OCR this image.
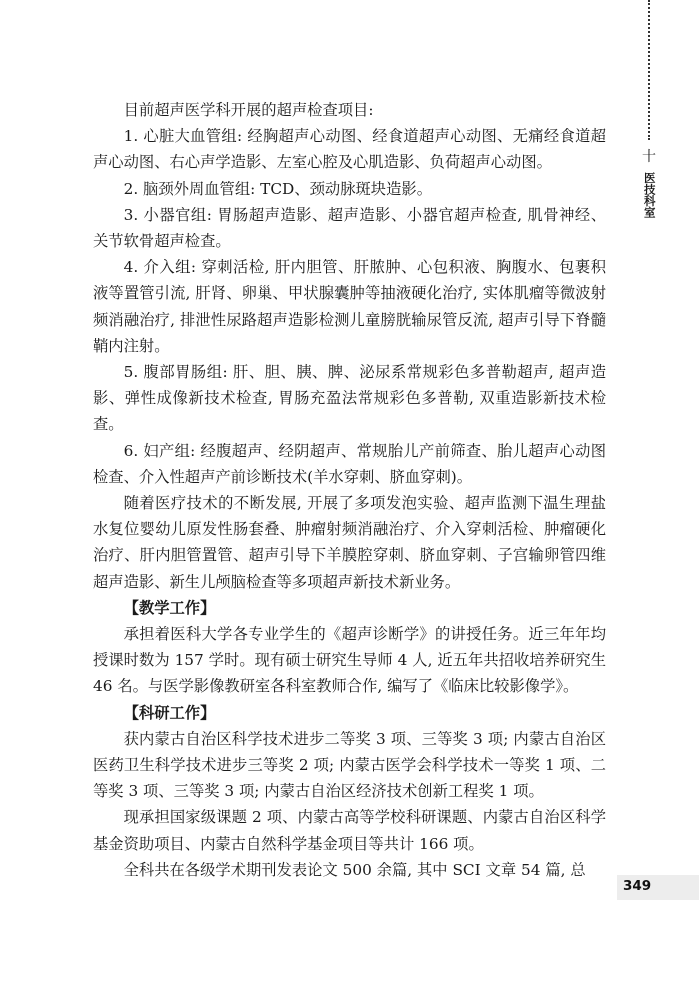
十
医技科室

目前超声医学科开展的超声检查项目:

1. 心脏大血管组: 经胸超声心动图、经食道超声心动图、无痛经食道超声心动图、右心声学造影、左室心腔及心肌造影、负荷超声心动图。

2. 脑颈外周血管组: TCD、颈动脉斑块造影。

3. 小器官组: 胃肠超声造影、超声造影、小器官超声检查, 肌骨神经、关节软骨超声检查。

4. 介入组: 穿刺活检, 肝内胆管、肝脓肿、心包积液、胸腹水、包裹积液等置管引流, 肝肾、卵巢、甲状腺囊肿等抽液硬化治疗, 实体肌瘤等微波射频消融治疗, 排泄性尿路超声造影检测儿童膀胱输尿管反流, 超声引导下脊髓鞘内注射。

5. 腹部胃肠组: 肝、胆、胰、脾、泌尿系常规彩色多普勒超声, 超声造影、弹性成像新技术检查, 胃肠充盈法常规彩色多普勒, 双重造影新技术检查。

6. 妇产组: 经腹超声、经阴超声、常规胎儿产前筛查、胎儿超声心动图检查、介入性超声产前诊断技术(羊水穿刺、脐血穿刺)。

随着医疗技术的不断发展, 开展了多项发泡实验、超声监测下温生理盐水复位婴幼儿原发性肠套叠、肿瘤射频消融治疗、介入穿刺活检、肿瘤硬化治疗、肝内胆管置管、超声引导下羊膜腔穿刺、脐血穿刺、子宫输卵管四维超声造影、新生儿颅脑检查等多项超声新技术新业务。

【教学工作】

承担着医科大学各专业学生的《超声诊断学》的讲授任务。近三年年均授课时数为 157 学时。现有硕士研究生导师 4 人, 近五年共招收培养研究生 46 名。与医学影像教研室各科室教师合作, 编写了《临床比较影像学》。

【科研工作】

获内蒙古自治区科学技术进步二等奖 3 项、三等奖 3 项; 内蒙古自治区医药卫生科学技术进步三等奖 2 项; 内蒙古医学会科学技术一等奖 1 项、二等奖 3 项、三等奖 3 项; 内蒙古自治区经济技术创新工程奖 1 项。

现承担国家级课题 2 项、内蒙古高等学校科研课题、内蒙古自治区科学基金资助项目、内蒙古自然科学基金项目等共计 166 项。

全科共在各级学术期刊发表论文 500 余篇, 其中 SCI 文章 54 篇, 总

349
